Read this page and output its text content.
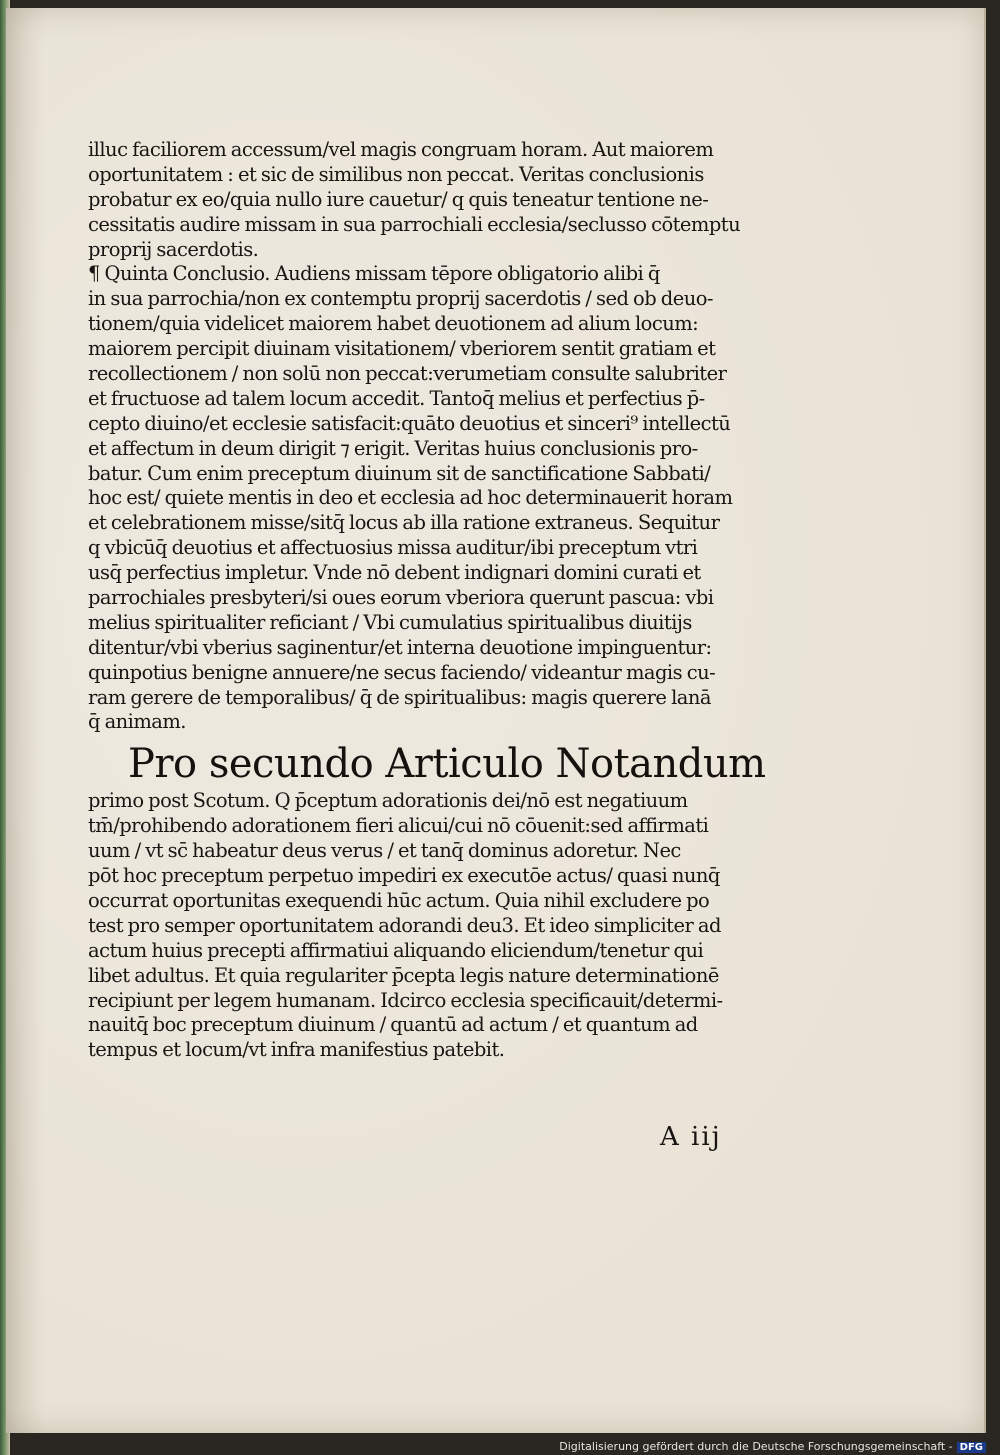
illuc faciliorem accessum/vel magis congruam horam. Aut maiorem
oportunitatem : et sic de similibus non peccat. Veritas conclusionis
probatur ex eo/quia nullo iure cauetur/ q quis teneatur tentione ne-
cessitatis audire missam in sua parrochiali ecclesia/seclusso cōtemptu
proprij sacerdotis.
¶ Quinta Conclusio. Audiens missam tēpore obligatorio alibi q̄
in sua parrochia/non ex contemptu proprij sacerdotis / sed ob deuo-
tionem/quia videlicet maiorem habet deuotionem ad alium locum:
maiorem percipit diuinam visitationem/ vberiorem sentit gratiam et
recollectionem / non solū non peccat:verumetiam consulte salubriter
et fructuose ad talem locum accedit. Tantoq̄ melius et perfectius p̄-
cepto diuino/et ecclesie satisfacit:quāto deuotius et sinceri⁹ intellectū
et affectum in deum dirigit ⁊ erigit. Veritas huius conclusionis pro-
batur. Cum enim preceptum diuinum sit de sanctificatione Sabbati/
hoc est/ quiete mentis in deo et ecclesia ad hoc determinauerit horam
et celebrationem misse/sitq̄ locus ab illa ratione extraneus. Sequitur
q vbicūq̄ deuotius et affectuosius missa auditur/ibi preceptum vtri
usq̄ perfectius impletur. Vnde nō debent indignari domini curati et
parrochiales presbyteri/si oues eorum vberiora querunt pascua: vbi
melius spiritualiter reficiant / Vbi cumulatius spiritualibus diuitijs
ditentur/vbi vberius saginentur/et interna deuotione impinguentur:
quinpotius benigne annuere/ne secus faciendo/ videantur magis cu-
ram gerere de temporalibus/ q̄ de spiritualibus: magis querere lanā
q̄ animam.
Pro secundo Articulo Notandum
primo post Scotum. Q p̄ceptum adorationis dei/nō est negatiuum
tm̄/prohibendo adorationem fieri alicui/cui nō cōuenit:sed affirmati
uum / vt sc̄ habeatur deus verus / et tanq̄ dominus adoretur. Nec
pōt hoc preceptum perpetuo impediri ex executōe actus/ quasi nunq̄
occurrat oportunitas exequendi hūc actum. Quia nihil excludere po
test pro semper oportunitatem adorandi deu3. Et ideo simpliciter ad
actum huius precepti affirmatiui aliquando eliciendum/tenetur qui
libet adultus. Et quia regulariter p̄cepta legis nature determinationē
recipiunt per legem humanam. Idcirco ecclesia specificauit/determi-
nauitq̄ boc preceptum diuinum / quantū ad actum / et quantum ad
tempus et locum/vt infra manifestius patebit.
A iij
Digitalisierung gefördert durch die Deutsche Forschungsgemeinschaft - DFG
